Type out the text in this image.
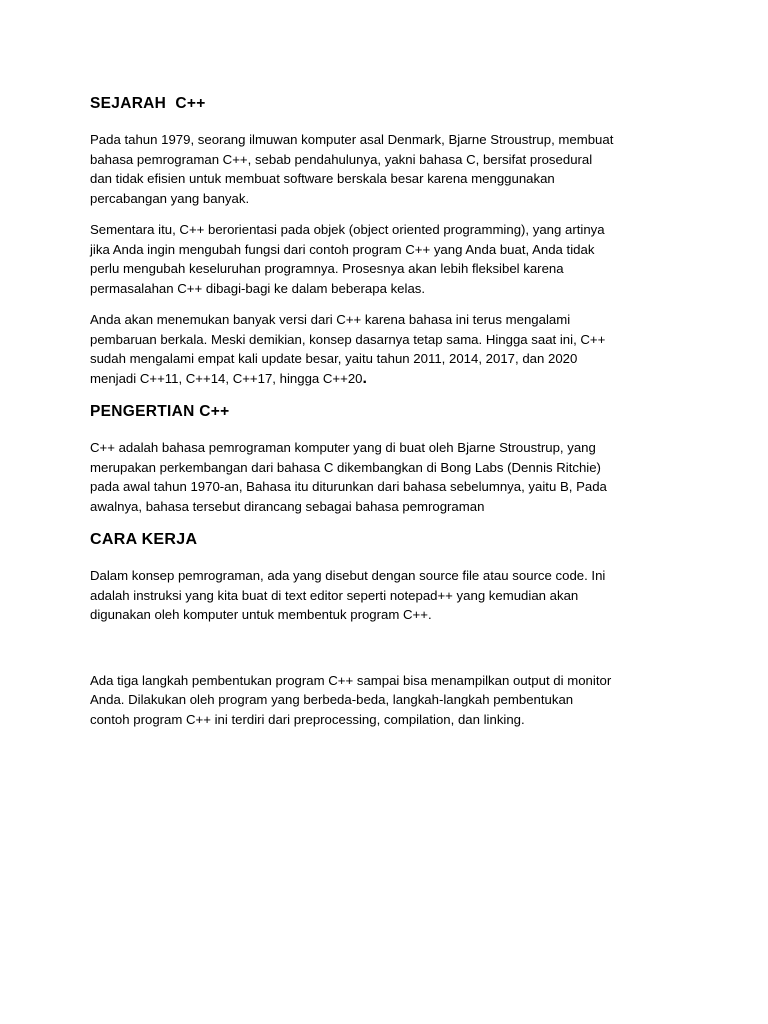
SEJARAH  C++

Pada tahun 1979, seorang ilmuwan komputer asal Denmark, Bjarne Stroustrup, membuat
bahasa pemrograman C++, sebab pendahulunya, yakni bahasa C, bersifat prosedural
dan tidak efisien untuk membuat software berskala besar karena menggunakan
percabangan yang banyak.

Sementara itu, C++ berorientasi pada objek (object oriented programming), yang artinya
jika Anda ingin mengubah fungsi dari contoh program C++ yang Anda buat, Anda tidak
perlu mengubah keseluruhan programnya. Prosesnya akan lebih fleksibel karena
permasalahan C++ dibagi-bagi ke dalam beberapa kelas.

Anda akan menemukan banyak versi dari C++ karena bahasa ini terus mengalami
pembaruan berkala. Meski demikian, konsep dasarnya tetap sama. Hingga saat ini, C++
sudah mengalami empat kali update besar, yaitu tahun 2011, 2014, 2017, dan 2020
menjadi C++11, C++14, C++17, hingga C++20.

PENGERTIAN C++

C++ adalah bahasa pemrograman komputer yang di buat oleh Bjarne Stroustrup, yang
merupakan perkembangan dari bahasa C dikembangkan di Bong Labs (Dennis Ritchie)
pada awal tahun 1970-an, Bahasa itu diturunkan dari bahasa sebelumnya, yaitu B, Pada
awalnya, bahasa tersebut dirancang sebagai bahasa pemrograman

CARA KERJA

Dalam konsep pemrograman, ada yang disebut dengan source file atau source code. Ini
adalah instruksi yang kita buat di text editor seperti notepad++ yang kemudian akan
digunakan oleh komputer untuk membentuk program C++.

Ada tiga langkah pembentukan program C++ sampai bisa menampilkan output di monitor
Anda. Dilakukan oleh program yang berbeda-beda, langkah-langkah pembentukan
contoh program C++ ini terdiri dari preprocessing, compilation, dan linking.
